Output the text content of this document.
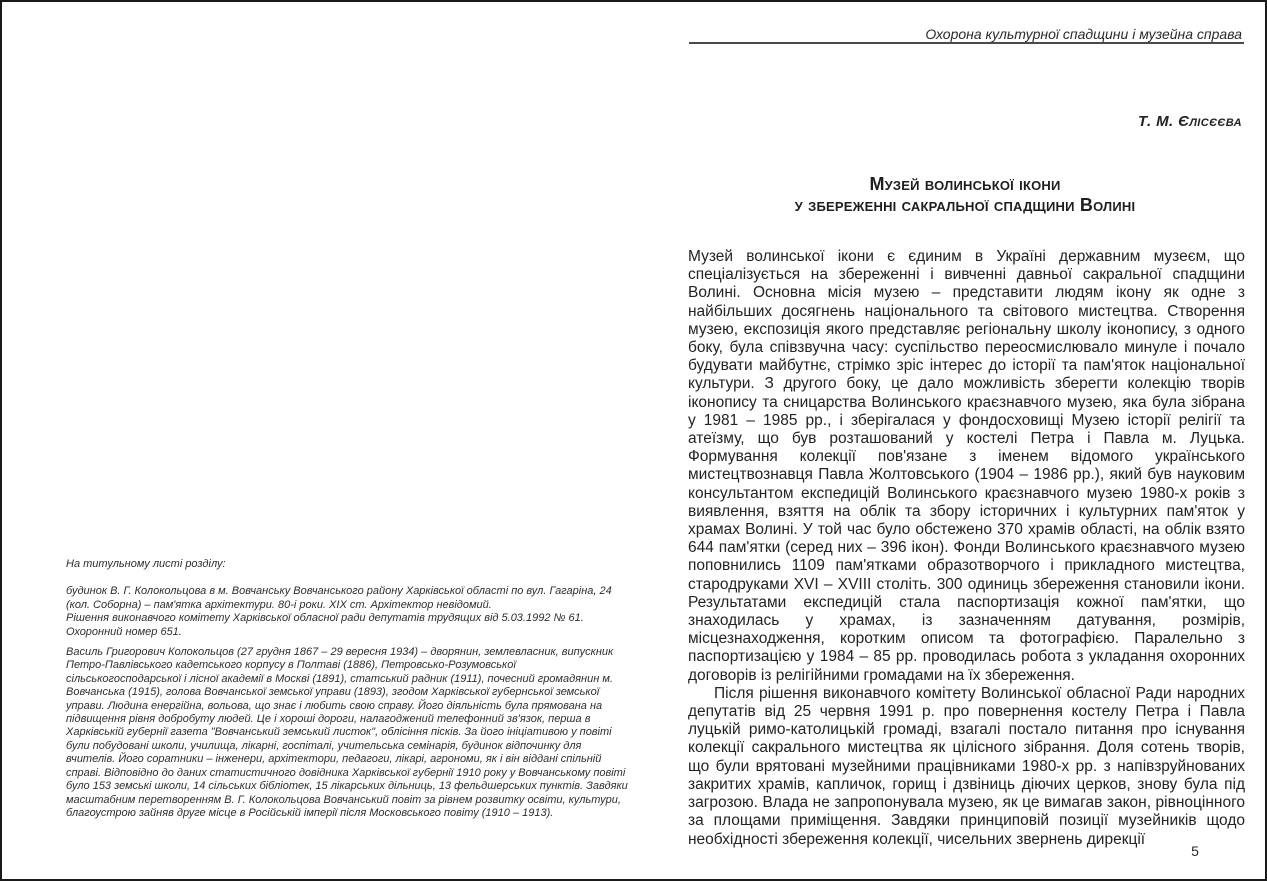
Охорона культурної спадщини і музейна справа
Т. М. Єлісєєва
Музей волинської ікони
у збереженні сакральної спадщини Волині

На титульному листі розділу:

будинок В. Г. Колокольцова в м. Вовчанську Вовчанського району Харківської області по вул. Гагаріна, 24 (кол. Соборна) – пам'ятка архітектури. 80-і роки. XIX ст. Архітектор невідомий.

Рішення виконавчого комітету Харківської обласної ради депутатів трудящих від 5.03.1992 № 61. Охоронний номер 651.

Василь Григорович Колокольцов (27 грудня 1867 – 29 вересня 1934) – дворянин, землевласник, випускник Петро-Павлівського кадетського корпусу в Полтаві (1886), Петровсько-Розумовської сільськогосподарської і лісної академії в Москві (1891), статський радник (1911), почесний громадянин м. Вовчанська (1915), голова Вовчанської земської управи (1893), згодом Харківської губернської земської управи. Людина енергійна, вольова, що знає і любить свою справу. Його діяльність була прямована на підвищення рівня добробуту людей. Це і хороші дороги, налагоджений телефонний зв'язок, перша в Харківській губернії газета "Вовчанський земський листок", облісіння пісків. За його ініціативою у повіті були побудовані школи, училища, лікарні, госпіталі, учительська семінарія, будинок відпочинку для вчителів. Його соратники – інженери, архітектори, педагоги, лікарі, агрономи, як і він віддані спільній справі. Відповідно до даних статистичного довідника Харківської губернії 1910 року у Вовчанському повіті було 153 земські школи, 14 сільських бібліотек, 15 лікарських дільниць, 13 фельдшерських пунктів. Завдяки масштабним перетворенням В. Г. Колокольцова Вовчанський повіт за рівнем розвитку освіти, культури, благоустрою зайняв друге місце в Російській імперії після Московського повіту (1910 – 1913).

Музей волинської ікони є єдиним в Україні державним музеєм, що спеціалізується на збереженні і вивченні давньої сакральної спадщини Волині. Основна місія музею – представити людям ікону як одне з найбільших досягнень національного та світового мистецтва. Створення музею, експозиція якого представляє регіональну школу іконопису, з одного боку, була співзвучна часу: суспільство переосмислювало минуле і почало будувати майбутнє, стрімко зріс інтерес до історії та пам'яток національної культури. З другого боку, це дало можливість зберегти колекцію творів іконопису та сницарства Волинського краєзнавчого музею, яка була зібрана у 1981 – 1985 рр., і зберігалася у фондосховищі Музею історії релігії та атеїзму, що був розташований у костелі Петра і Павла м. Луцька. Формування колекції пов'язане з іменем відомого українського мистецтвознавця Павла Жолтовського (1904 – 1986 рр.), який був науковим консультантом експедицій Волинського краєзнавчого музею 1980-х років з виявлення, взяття на облік та збору історичних і культурних пам'яток у храмах Волині. У той час було обстежено 370 храмів області, на облік взято 644 пам'ятки (серед них – 396 ікон). Фонди Волинського краєзнавчого музею поповнились 1109 пам'ятками образотворчого і прикладного мистецтва, стародруками XVI – XVIII століть. 300 одиниць збереження становили ікони. Результатами експедицій стала паспортизація кожної пам'ятки, що знаходилась у храмах, із зазначенням датування, розмірів, місцезнаходження, коротким описом та фотографією. Паралельно з паспортизацією у 1984 – 85 рр. проводилась робота з укладання охоронних договорів із релігійними громадами на їх збереження.

Після рішення виконавчого комітету Волинської обласної Ради народних депутатів від 25 червня 1991 р. про повернення костелу Петра і Павла луцькій римо-католицькій громаді, взагалі постало питання про існування колекції сакрального мистецтва як цілісного зібрання. Доля сотень творів, що були врятовані музейними працівниками 1980-х рр. з напівзруйнованих закритих храмів, капличок, горищ і дзвіниць діючих церков, знову була під загрозою. Влада не запропонувала музею, як це вимагав закон, рівноцінного за площами приміщення. Завдяки принциповій позиції музейників щодо необхідності збереження колекції, чисельних звернень дирекції

5
